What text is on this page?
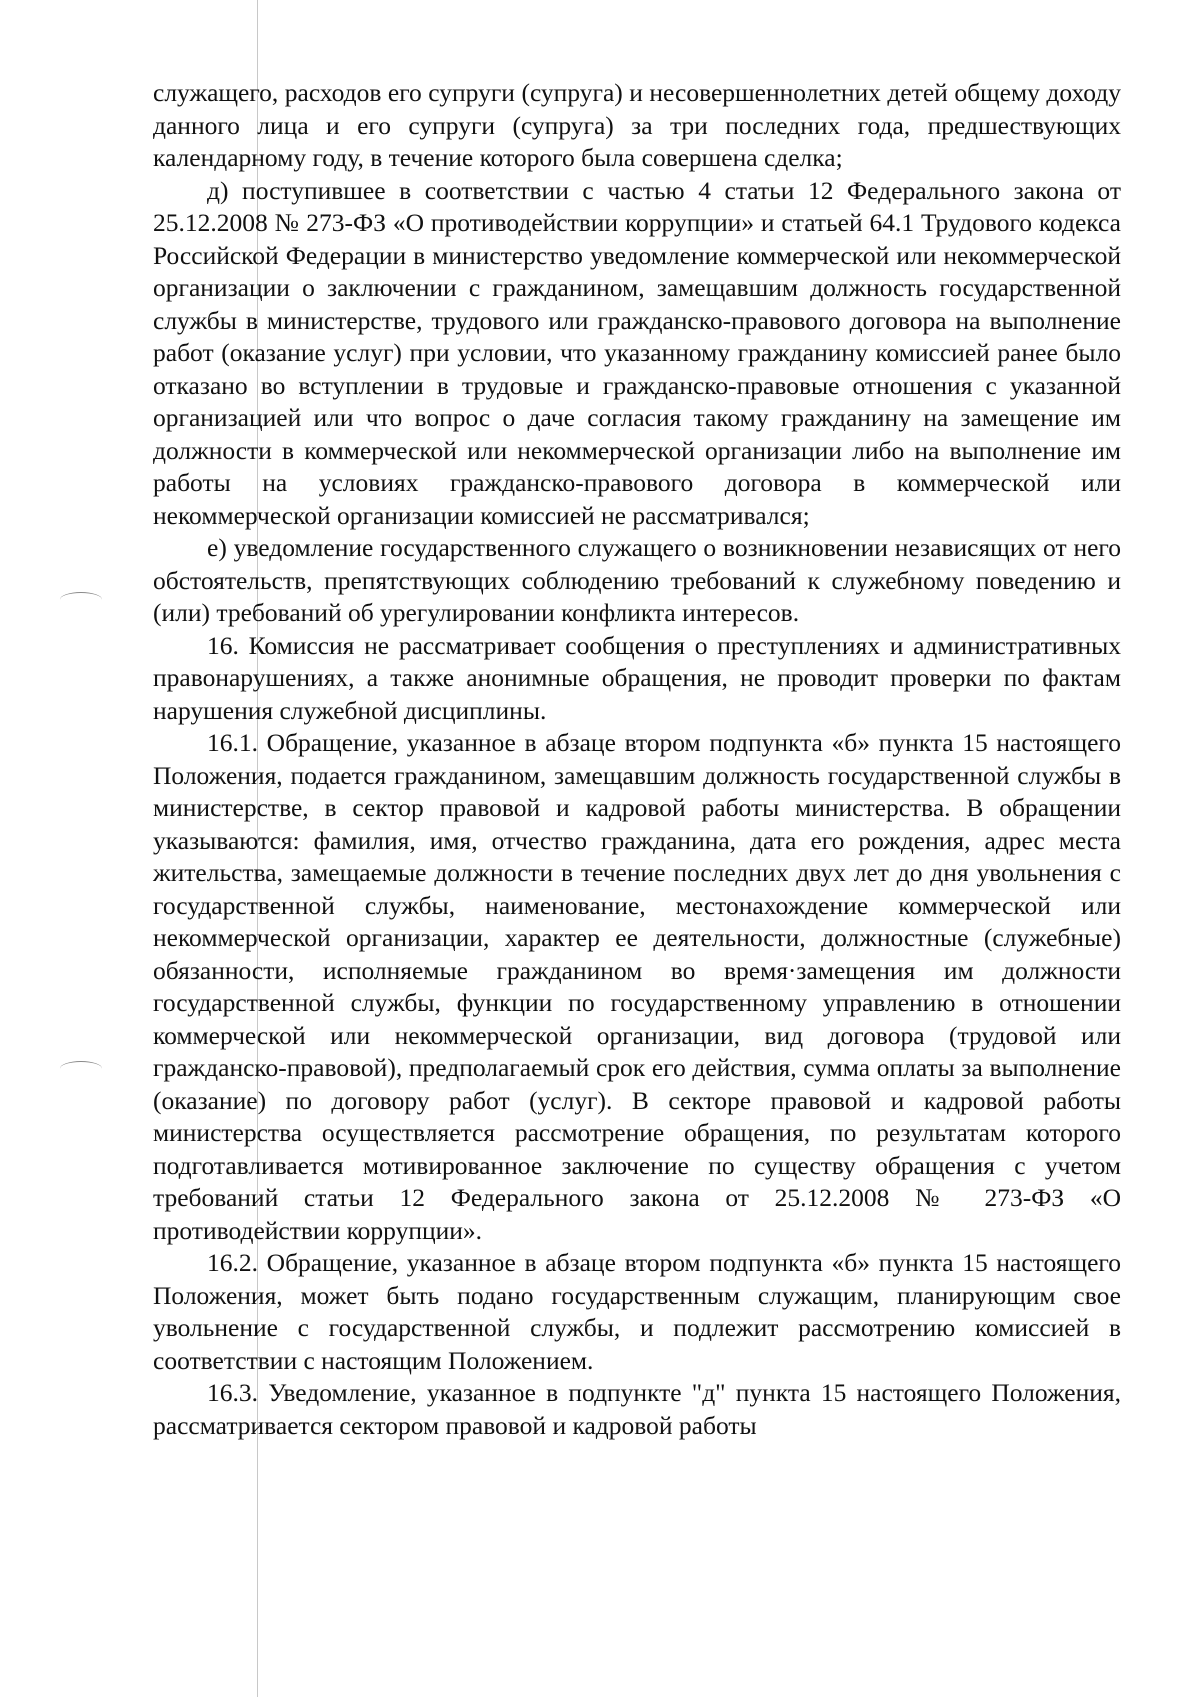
служащего, расходов его супруги (супруга) и несовершеннолетних детей общему доходу данного лица и его супруги (супруга) за три последних года, предшествующих календарному году, в течение которого была совершена сделка;

д) поступившее в соответствии с частью 4 статьи 12 Федерального закона от 25.12.2008 № 273-ФЗ «О противодействии коррупции» и статьей 64.1 Трудового кодекса Российской Федерации в министерство уведомление коммерческой или некоммерческой организации о заключении с гражданином, замещавшим должность государственной службы в министерстве, трудового или гражданско-правового договора на выполнение работ (оказание услуг) при условии, что указанному гражданину комиссией ранее было отказано во вступлении в трудовые и гражданско-правовые отношения с указанной организацией или что вопрос о даче согласия такому гражданину на замещение им должности в коммерческой или некоммерческой организации либо на выполнение им работы на условиях гражданско-правового договора в коммерческой или некоммерческой организации комиссией не рассматривался;

е) уведомление государственного служащего о возникновении независящих от него обстоятельств, препятствующих соблюдению требований к служебному поведению и (или) требований об урегулировании конфликта интересов.

16. Комиссия не рассматривает сообщения о преступлениях и административных правонарушениях, а также анонимные обращения, не проводит проверки по фактам нарушения служебной дисциплины.

16.1. Обращение, указанное в абзаце втором подпункта «б» пункта 15 настоящего Положения, подается гражданином, замещавшим должность государственной службы в министерстве, в сектор правовой и кадровой работы министерства. В обращении указываются: фамилия, имя, отчество гражданина, дата его рождения, адрес места жительства, замещаемые должности в течение последних двух лет до дня увольнения с государственной службы, наименование, местонахождение коммерческой или некоммерческой организации, характер ее деятельности, должностные (служебные) обязанности, исполняемые гражданином во время·замещения им должности государственной службы, функции по государственному управлению в отношении коммерческой или некоммерческой организации, вид договора (трудовой или гражданско-правовой), предполагаемый срок его действия, сумма оплаты за выполнение (оказание) по договору работ (услуг). В секторе правовой и кадровой работы министерства осуществляется рассмотрение обращения, по результатам которого подготавливается мотивированное заключение по существу обращения с учетом требований статьи 12 Федерального закона от 25.12.2008 № 273-ФЗ «О противодействии коррупции».

16.2. Обращение, указанное в абзаце втором подпункта «б» пункта 15 настоящего Положения, может быть подано государственным служащим, планирующим свое увольнение с государственной службы, и подлежит рассмотрению комиссией в соответствии с настоящим Положением.

16.3. Уведомление, указанное в подпункте "д" пункта 15 настоящего Положения, рассматривается сектором правовой и кадровой работы
